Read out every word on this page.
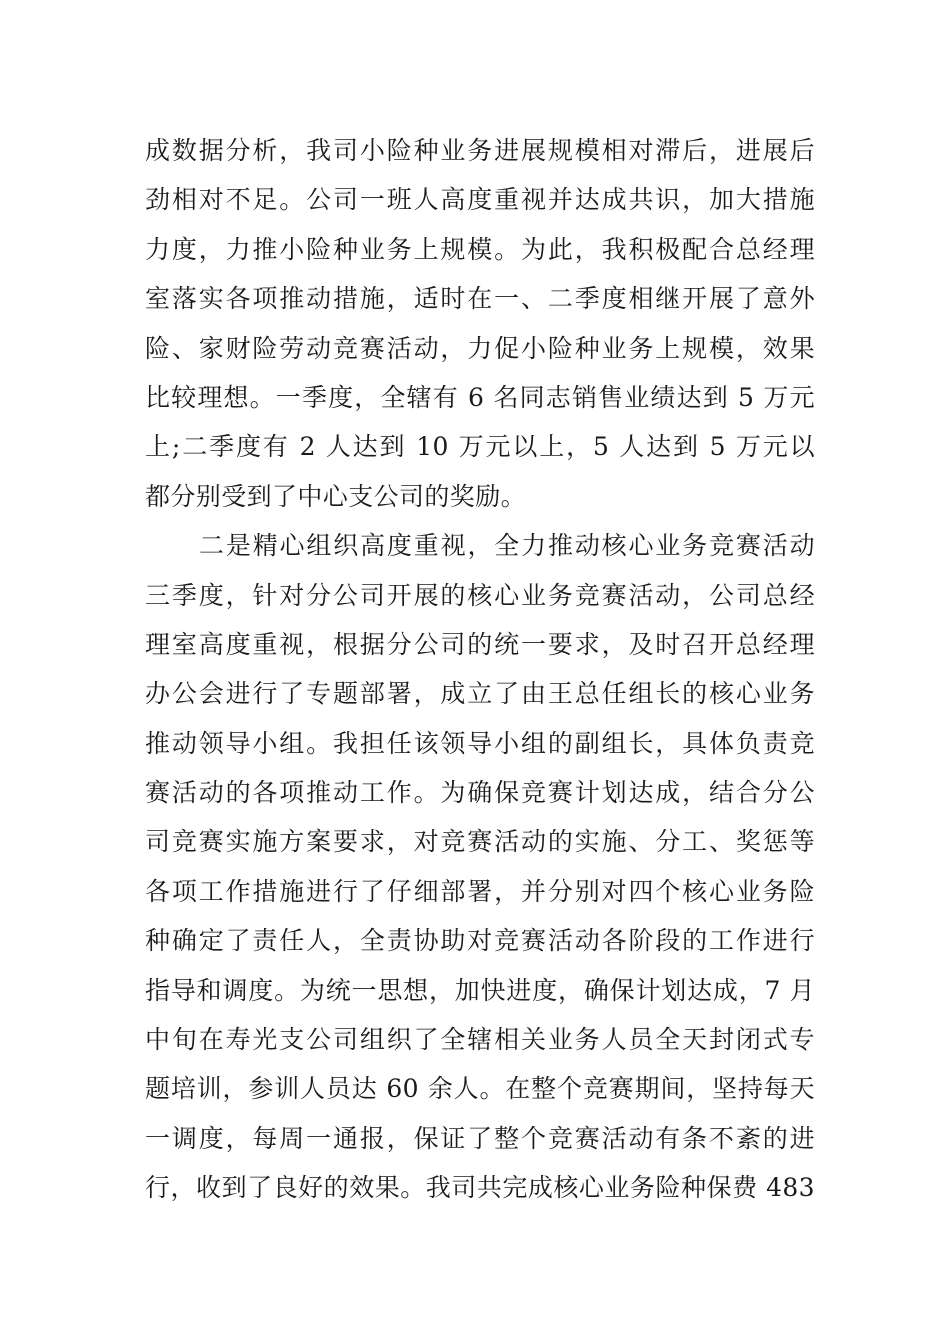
成数据分析，我司小险种业务进展规模相对滞后，进展后
劲相对不足。公司一班人高度重视并达成共识，加大措施
力度，力推小险种业务上规模。为此，我积极配合总经理
室落实各项推动措施，适时在一、二季度相继开展了意外
险、家财险劳动竞赛活动，力促小险种业务上规模，效果
比较理想。一季度，全辖有 6 名同志销售业绩达到 5 万元
上;二季度有 2 人达到 10 万元以上，5 人达到 5 万元以
都分别受到了中心支公司的奖励。
二是精心组织高度重视，全力推动核心业务竞赛活动
三季度，针对分公司开展的核心业务竞赛活动，公司总经
理室高度重视，根据分公司的统一要求，及时召开总经理
办公会进行了专题部署，成立了由王总任组长的核心业务
推动领导小组。我担任该领导小组的副组长，具体负责竞
赛活动的各项推动工作。为确保竞赛计划达成，结合分公
司竞赛实施方案要求，对竞赛活动的实施、分工、奖惩等
各项工作措施进行了仔细部署，并分别对四个核心业务险
种确定了责任人，全责协助对竞赛活动各阶段的工作进行
指导和调度。为统一思想，加快进度，确保计划达成，7 月
中旬在寿光支公司组织了全辖相关业务人员全天封闭式专
题培训，参训人员达 60 余人。在整个竞赛期间，坚持每天
一调度，每周一通报，保证了整个竞赛活动有条不紊的进
行，收到了良好的效果。我司共完成核心业务险种保费 483
